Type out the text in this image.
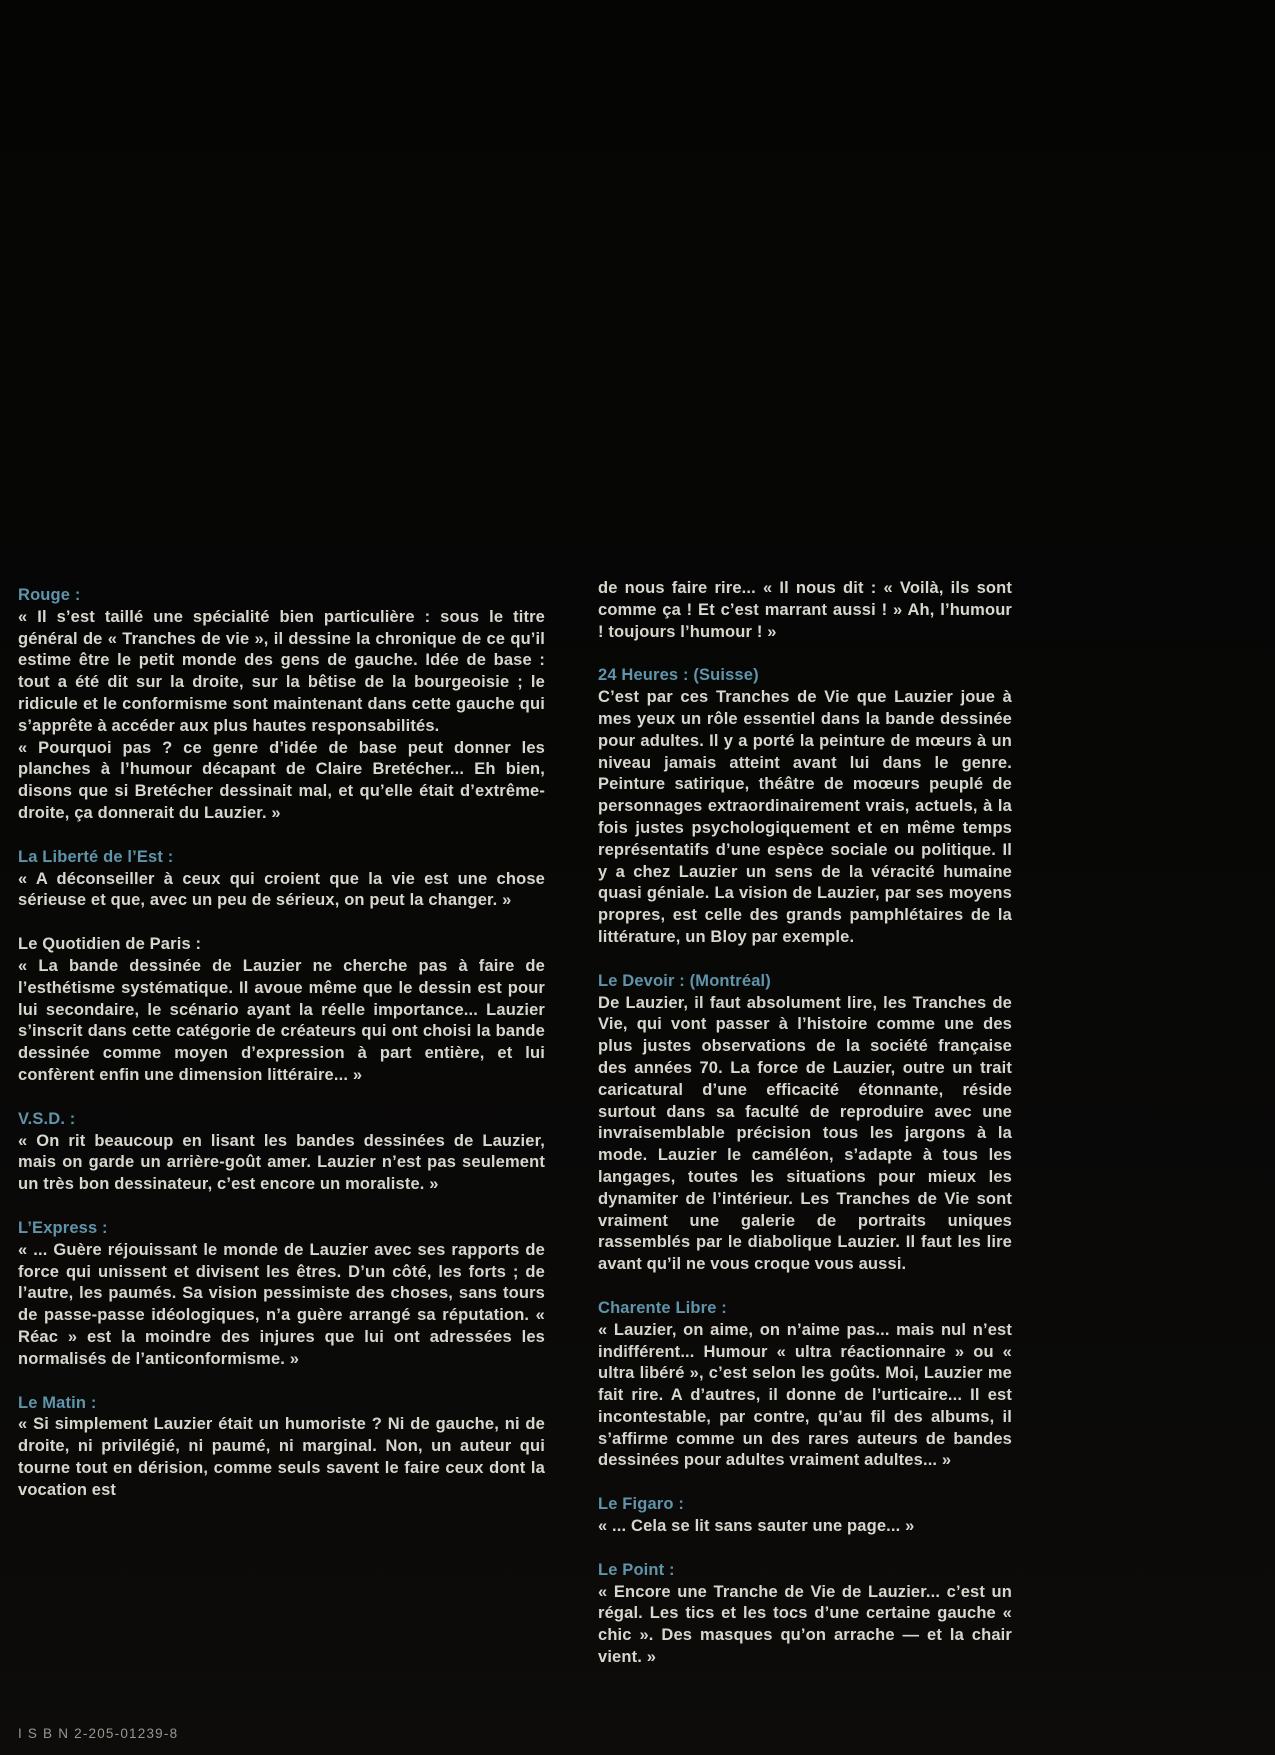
Rouge :

« Il s’est taillé une spécialité bien particulière : sous le titre général de « Tranches de vie », il dessine la chronique de ce qu’il estime être le petit monde des gens de gauche. Idée de base : tout a été dit sur la droite, sur la bêtise de la bourgeoisie ; le ridicule et le conformisme sont maintenant dans cette gauche qui s’apprête à accéder aux plus hautes responsabilités.

« Pourquoi pas ? ce genre d’idée de base peut donner les planches à l’humour décapant de Claire Bretécher... Eh bien, disons que si Bretécher dessinait mal, et qu’elle était d’extrême-droite, ça donnerait du Lauzier. »

La Liberté de l’Est :

« A déconseiller à ceux qui croient que la vie est une chose sérieuse et que, avec un peu de sérieux, on peut la changer. »

Le Quotidien de Paris :

« La bande dessinée de Lauzier ne cherche pas à faire de l’esthétisme systématique. Il avoue même que le dessin est pour lui secondaire, le scénario ayant la réelle importance... Lauzier s’inscrit dans cette catégorie de créateurs qui ont choisi la bande dessinée comme moyen d’expression à part entière, et lui confèrent enfin une dimension littéraire... »

V.S.D. :

« On rit beaucoup en lisant les bandes dessinées de Lauzier, mais on garde un arrière-goût amer. Lauzier n’est pas seulement un très bon dessinateur, c’est encore un moraliste. »

L’Express :

« ... Guère réjouissant le monde de Lauzier avec ses rapports de force qui unissent et divisent les êtres. D’un côté, les forts ; de l’autre, les paumés. Sa vision pessimiste des choses, sans tours de passe-passe idéologiques, n’a guère arrangé sa réputation. « Réac » est la moindre des injures que lui ont adressées les normalisés de l’anticonformisme. »

Le Matin :

« Si simplement Lauzier était un humoriste ? Ni de gauche, ni de droite, ni privilégié, ni paumé, ni marginal. Non, un auteur qui tourne tout en dérision, comme seuls savent le faire ceux dont la vocation est

de nous faire rire... « Il nous dit : « Voilà, ils sont comme ça ! Et c’est marrant aussi ! » Ah, l’humour ! toujours l’humour ! »

24 Heures : (Suisse)

C’est par ces Tranches de Vie que Lauzier joue à mes yeux un rôle essentiel dans la bande dessinée pour adultes. Il y a porté la peinture de mœurs à un niveau jamais atteint avant lui dans le genre. Peinture satirique, théâtre de moœurs peuplé de personnages extraordinairement vrais, actuels, à la fois justes psychologiquement et en même temps représentatifs d’une espèce sociale ou politique. Il y a chez Lauzier un sens de la véracité humaine quasi géniale. La vision de Lauzier, par ses moyens propres, est celle des grands pamphlétaires de la littérature, un Bloy par exemple.

Le Devoir : (Montréal)

De Lauzier, il faut absolument lire, les Tranches de Vie, qui vont passer à l’histoire comme une des plus justes observations de la société française des années 70. La force de Lauzier, outre un trait caricatural d’une efficacité étonnante, réside surtout dans sa faculté de reproduire avec une invraisemblable précision tous les jargons à la mode. Lauzier le caméléon, s’adapte à tous les langages, toutes les situations pour mieux les dynamiter de l’intérieur. Les Tranches de Vie sont vraiment une galerie de portraits uniques rassemblés par le diabolique Lauzier. Il faut les lire avant qu’il ne vous croque vous aussi.

Charente Libre :

« Lauzier, on aime, on n’aime pas... mais nul n’est indifférent... Humour « ultra réactionnaire » ou « ultra libéré », c’est selon les goûts. Moi, Lauzier me fait rire. A d’autres, il donne de l’urticaire... Il est incontestable, par contre, qu’au fil des albums, il s’affirme comme un des rares auteurs de bandes dessinées pour adultes vraiment adultes... »

Le Figaro :

« ... Cela se lit sans sauter une page... »

Le Point :

« Encore une Tranche de Vie de Lauzier... c’est un régal. Les tics et les tocs d’une certaine gauche « chic ». Des masques qu’on arrache — et la chair vient. »

I S B N 2-205-01239-8
